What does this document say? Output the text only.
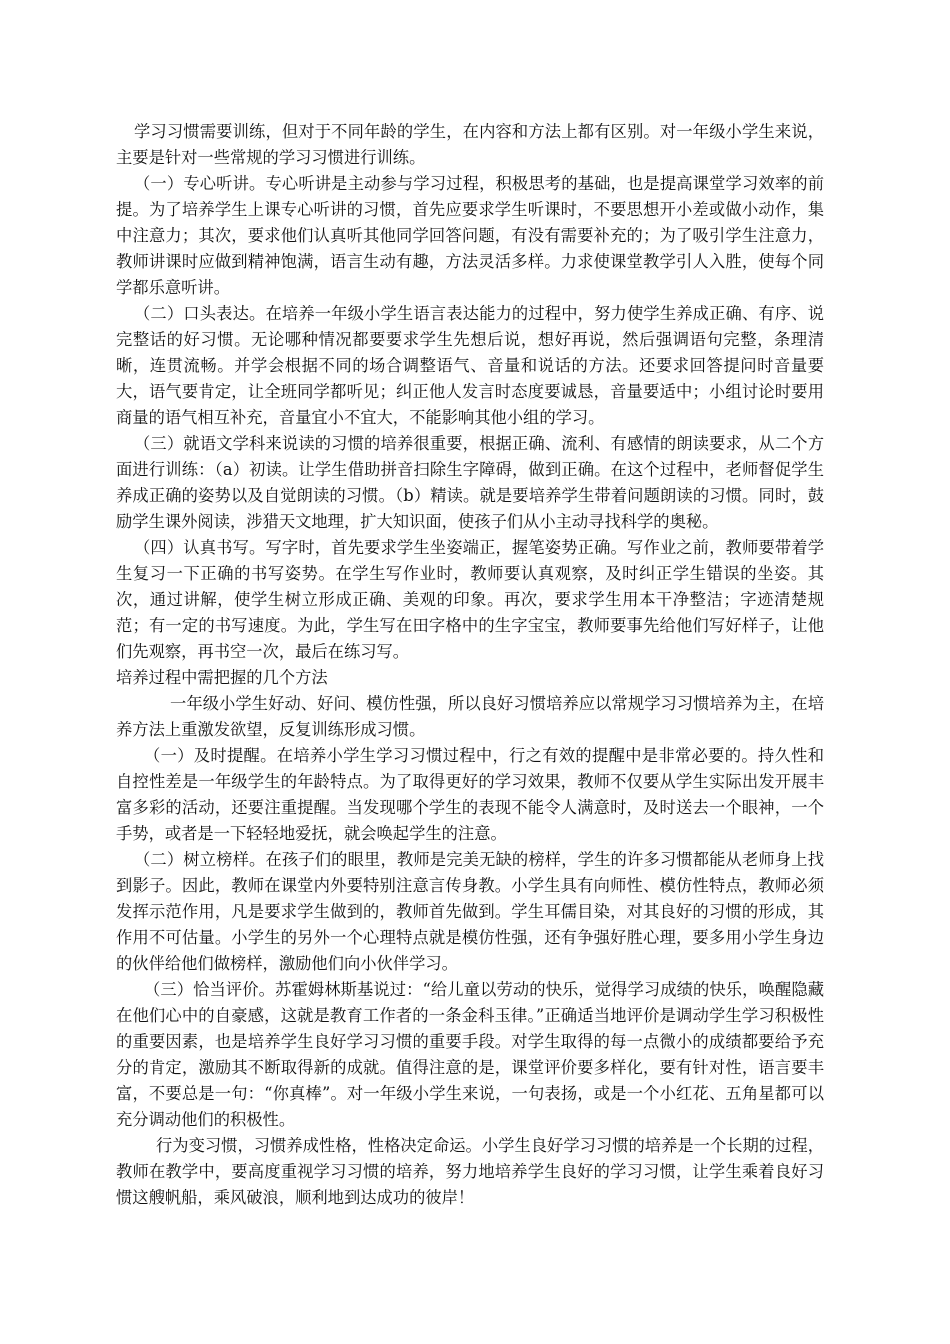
学习习惯需要训练，但对于不同年龄的学生，在内容和方法上都有区别。对一年级小学生来说，主要是针对一些常规的学习习惯进行训练。

（一）专心听讲。专心听讲是主动参与学习过程，积极思考的基础，也是提高课堂学习效率的前提。为了培养学生上课专心听讲的习惯，首先应要求学生听课时，不要思想开小差或做小动作，集中注意力；其次，要求他们认真听其他同学回答问题，有没有需要补充的；为了吸引学生注意力，教师讲课时应做到精神饱满，语言生动有趣，方法灵活多样。力求使课堂教学引人入胜，使每个同学都乐意听讲。

（二）口头表达。在培养一年级小学生语言表达能力的过程中，努力使学生养成正确、有序、说完整话的好习惯。无论哪种情况都要要求学生先想后说，想好再说，然后强调语句完整，条理清晰，连贯流畅。并学会根据不同的场合调整语气、音量和说话的方法。还要求回答提问时音量要大，语气要肯定，让全班同学都听见；纠正他人发言时态度要诚恳，音量要适中；小组讨论时要用商量的语气相互补充，音量宜小不宜大，不能影响其他小组的学习。

（三）就语文学科来说读的习惯的培养很重要，根据正确、流利、有感情的朗读要求，从二个方面进行训练：（a）初读。让学生借助拼音扫除生字障碍，做到正确。在这个过程中，老师督促学生养成正确的姿势以及自觉朗读的习惯。（b）精读。就是要培养学生带着问题朗读的习惯。同时，鼓励学生课外阅读，涉猎天文地理，扩大知识面，使孩子们从小主动寻找科学的奥秘。

（四）认真书写。写字时，首先要求学生坐姿端正，握笔姿势正确。写作业之前，教师要带着学生复习一下正确的书写姿势。在学生写作业时，教师要认真观察，及时纠正学生错误的坐姿。其次，通过讲解，使学生树立形成正确、美观的印象。再次，要求学生用本干净整洁；字迹清楚规范；有一定的书写速度。为此，学生写在田字格中的生字宝宝，教师要事先给他们写好样子，让他们先观察，再书空一次，最后在练习写。

培养过程中需把握的几个方法

一年级小学生好动、好问、模仿性强，所以良好习惯培养应以常规学习习惯培养为主，在培养方法上重激发欲望，反复训练形成习惯。

（一）及时提醒。在培养小学生学习习惯过程中，行之有效的提醒中是非常必要的。持久性和自控性差是一年级学生的年龄特点。为了取得更好的学习效果，教师不仅要从学生实际出发开展丰富多彩的活动，还要注重提醒。当发现哪个学生的表现不能令人满意时，及时送去一个眼神，一个手势，或者是一下轻轻地爱抚，就会唤起学生的注意。

（二）树立榜样。在孩子们的眼里，教师是完美无缺的榜样，学生的许多习惯都能从老师身上找到影子。因此，教师在课堂内外要特别注意言传身教。小学生具有向师性、模仿性特点，教师必须发挥示范作用，凡是要求学生做到的，教师首先做到。学生耳儒目染，对其良好的习惯的形成，其作用不可估量。小学生的另外一个心理特点就是模仿性强，还有争强好胜心理，要多用小学生身边的伙伴给他们做榜样，激励他们向小伙伴学习。

（三）恰当评价。苏霍姆林斯基说过：“给儿童以劳动的快乐，觉得学习成绩的快乐，唤醒隐藏在他们心中的自豪感，这就是教育工作者的一条金科玉律。”正确适当地评价是调动学生学习积极性的重要因素，也是培养学生良好学习习惯的重要手段。对学生取得的每一点微小的成绩都要给予充分的肯定，激励其不断取得新的成就。值得注意的是，课堂评价要多样化，要有针对性，语言要丰富，不要总是一句：“你真棒”。对一年级小学生来说，一句表扬，或是一个小红花、五角星都可以充分调动他们的积极性。

行为变习惯，习惯养成性格，性格决定命运。小学生良好学习习惯的培养是一个长期的过程，教师在教学中，要高度重视学习习惯的培养，努力地培养学生良好的学习习惯，让学生乘着良好习惯这艘帆船，乘风破浪，顺利地到达成功的彼岸！
